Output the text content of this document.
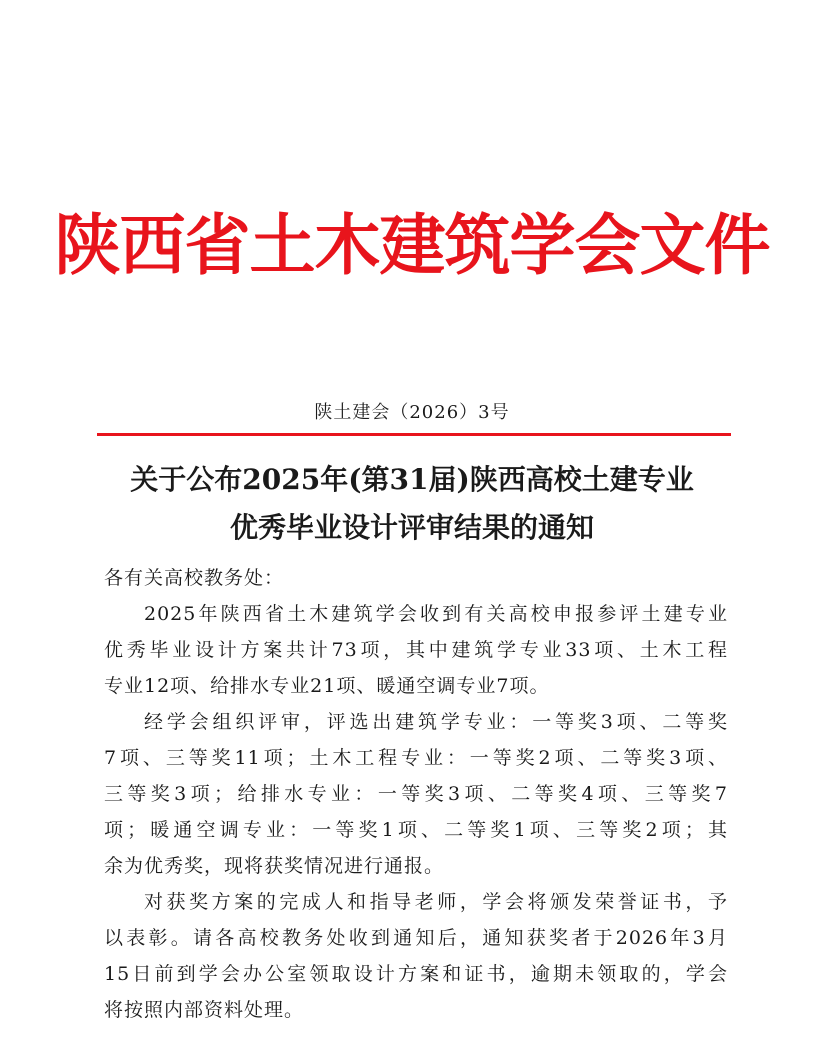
陕西省土木建筑学会文件
陕土建会（2026）3号
关于公布2025年(第31届)陕西高校土建专业
优秀毕业设计评审结果的通知

各有关高校教务处：

2025年陕西省土木建筑学会收到有关高校申报参评土建专业
优秀毕业设计方案共计73项，其中建筑学专业33项、土木工程
专业12项、给排水专业21项、暖通空调专业7项。

经学会组织评审，评选出建筑学专业：一等奖3项、二等奖
7项、三等奖11项；土木工程专业：一等奖2项、二等奖3项、
三等奖3项；给排水专业：一等奖3项、二等奖4项、三等奖7
项；暖通空调专业：一等奖1项、二等奖1项、三等奖2项；其
余为优秀奖，现将获奖情况进行通报。

对获奖方案的完成人和指导老师，学会将颁发荣誉证书，予
以表彰。请各高校教务处收到通知后，通知获奖者于2026年3月
15日前到学会办公室领取设计方案和证书，逾期未领取的，学会
将按照内部资料处理。
